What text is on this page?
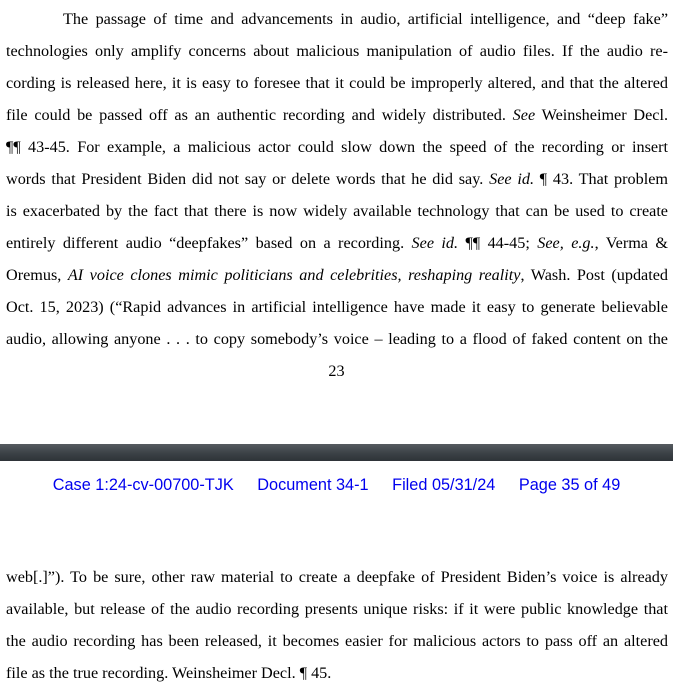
The passage of time and advancements in audio, artificial intelligence, and “deep fake”
technologies only amplify concerns about malicious manipulation of audio files. If the audio re-
cording is released here, it is easy to foresee that it could be improperly altered, and that the altered
file could be passed off as an authentic recording and widely distributed. See Weinsheimer Decl.
¶¶ 43-45. For example, a malicious actor could slow down the speed of the recording or insert
words that President Biden did not say or delete words that he did say. See id. ¶ 43. That problem
is exacerbated by the fact that there is now widely available technology that can be used to create
entirely different audio “deepfakes” based on a recording. See id. ¶¶ 44-45; See, e.g., Verma &
Oremus, AI voice clones mimic politicians and celebrities, reshaping reality, Wash. Post (updated
Oct. 15, 2023) (“Rapid advances in artificial intelligence have made it easy to generate believable
audio, allowing anyone . . . to copy somebody’s voice – leading to a flood of faked content on the
23
Case 1:24-cv-00700-TJK Document 34-1 Filed 05/31/24 Page 35 of 49
web[.]”). To be sure, other raw material to create a deepfake of President Biden’s voice is already
available, but release of the audio recording presents unique risks: if it were public knowledge that
the audio recording has been released, it becomes easier for malicious actors to pass off an altered
file as the true recording. Weinsheimer Decl. ¶ 45.
